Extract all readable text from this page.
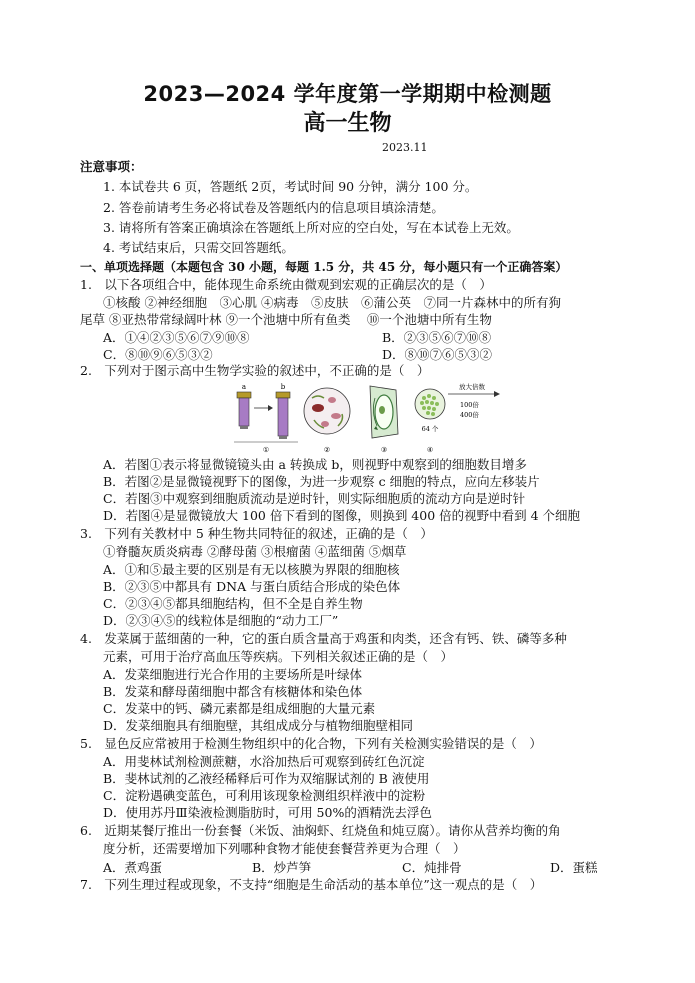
2023—2024 学年度第一学期期中检测题
高一生物
2023.11
注意事项：
1. 本试卷共 6 页，答题纸 2页，考试时间 90 分钟，满分 100 分。
2. 答卷前请考生务必将试卷及答题纸内的信息项目填涂清楚。
3. 请将所有答案正确填涂在答题纸上所对应的空白处，写在本试卷上无效。
4. 考试结束后，只需交回答题纸。
一、单项选择题（本题包含 30 小题，每题 1.5 分，共 45 分，每小题只有一个正确答案）
1.　以下各项组合中，能体现生命系统由微观到宏观的正确层次的是（　）
①核酸 ②神经细胞　③心肌 ④病毒　⑤皮肤　⑥蒲公英　⑦同一片森林中的所有狗
尾草 ⑧亚热带常绿阔叶林 ⑨一个池塘中所有鱼类　 ⑩一个池塘中所有生物
A．①④②③⑤⑥⑦⑨⑩⑧	B．②③⑤⑥⑦⑩⑧
C．⑧⑩⑨⑥⑤③②	D．⑧⑩⑦⑥⑤③②
2.　下列对于图示高中生物学实验的叙述中，不正确的是（　）
a	b
①	②	③
64 个
④
放大倍数
100倍
400倍
A．若图①表示将显微镜镜头由 a 转换成 b，则视野中观察到的细胞数目增多
B．若图②是显微镜视野下的图像，为进一步观察 c 细胞的特点，应向左移装片
C．若图③中观察到细胞质流动是逆时针，则实际细胞质的流动方向是逆时针
D．若图④是显微镜放大 100 倍下看到的图像，则换到 400 倍的视野中看到 4 个细胞
3.　下列有关教材中 5 种生物共同特征的叙述，正确的是（　）
①脊髓灰质炎病毒 ②酵母菌 ③根瘤菌 ④蓝细菌 ⑤烟草
A．①和⑤最主要的区别是有无以核膜为界限的细胞核
B．②③⑤中都具有 DNA 与蛋白质结合形成的染色体
C．②③④⑤都具细胞结构，但不全是自养生物
D．②③④⑤的线粒体是细胞的“动力工厂”
4.　发菜属于蓝细菌的一种，它的蛋白质含量高于鸡蛋和肉类，还含有钙、铁、磷等多种
元素，可用于治疗高血压等疾病。下列相关叙述正确的是（　）
A．发菜细胞进行光合作用的主要场所是叶绿体
B．发菜和酵母菌细胞中都含有核糖体和染色体
C．发菜中的钙、磷元素都是组成细胞的大量元素
D．发菜细胞具有细胞壁，其组成成分与植物细胞壁相同
5.　显色反应常被用于检测生物组织中的化合物，下列有关检测实验错误的是（　）
A．用斐林试剂检测蔗糖，水浴加热后可观察到砖红色沉淀
B．斐林试剂的乙液经稀释后可作为双缩脲试剂的 B 液使用
C．淀粉遇碘变蓝色，可利用该现象检测组织样液中的淀粉
D．使用苏丹Ⅲ染液检测脂肪时，可用 50%的酒精洗去浮色
6.　近期某餐厅推出一份套餐（米饭、油焖虾、红烧鱼和炖豆腐）。请你从营养均衡的角
度分析，还需要增加下列哪种食物才能使套餐营养更为合理（　）
A．煮鸡蛋	B．炒芦笋	C．炖排骨	D．蛋糕
7.　下列生理过程或现象，不支持“细胞是生命活动的基本单位”这一观点的是（　）
